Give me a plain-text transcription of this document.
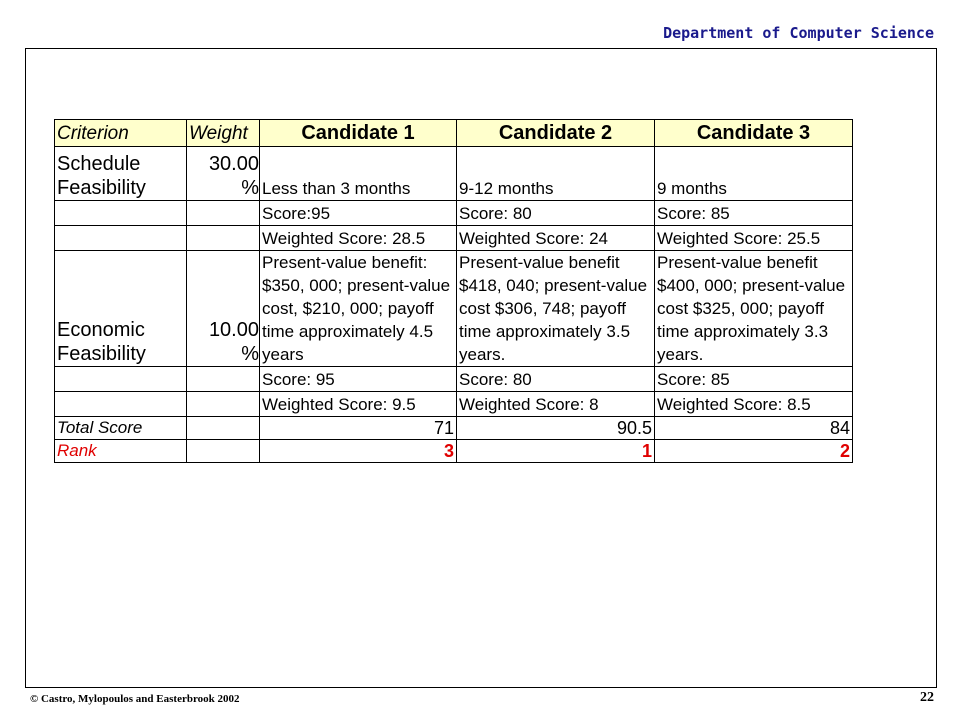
Department of Computer Science
Criterion	Weight	Candidate 1	Candidate 2	Candidate 3
Schedule Feasibility	30.00 %	Less than 3 months	9-12 months	9 months
		Score:95	Score: 80	Score: 85
		Weighted Score: 28.5	Weighted Score: 24	Weighted Score: 25.5
Economic Feasibility	10.00 %	Present-value benefit: $350, 000; present-value cost, $210, 000; payoff time approximately 4.5 years	Present-value benefit $418, 040; present-value cost $306, 748; payoff time approximately 3.5 years.	Present-value benefit $400, 000; present-value cost $325, 000; payoff time approximately 3.3 years.
		Score: 95	Score: 80	Score: 85
		Weighted Score: 9.5	Weighted Score: 8	Weighted Score: 8.5
Total Score		71	90.5	84
Rank		3	1	2
© Castro, Mylopoulos and Easterbrook 2002	22
